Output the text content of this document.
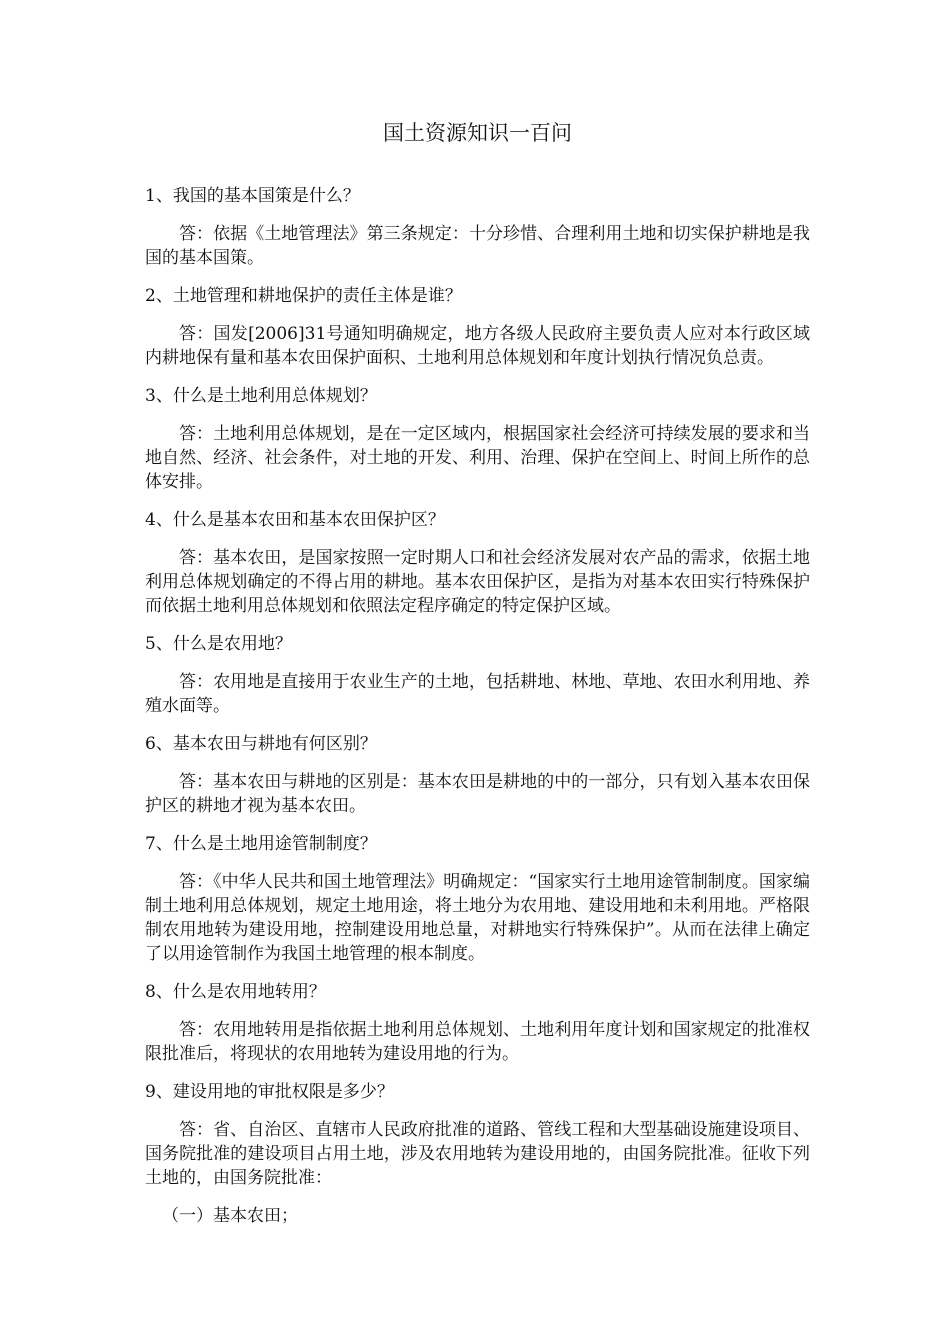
国土资源知识一百问

1、我国的基本国策是什么？

答：依据《土地管理法》第三条规定：十分珍惜、合理利用土地和切实保护耕地是我国的基本国策。

2、土地管理和耕地保护的责任主体是谁？

答：国发[2006]31号通知明确规定，地方各级人民政府主要负责人应对本行政区域内耕地保有量和基本农田保护面积、土地利用总体规划和年度计划执行情况负总责。

3、什么是土地利用总体规划？

答：土地利用总体规划，是在一定区域内，根据国家社会经济可持续发展的要求和当地自然、经济、社会条件，对土地的开发、利用、治理、保护在空间上、时间上所作的总体安排。

4、什么是基本农田和基本农田保护区？

答：基本农田，是国家按照一定时期人口和社会经济发展对农产品的需求，依据土地利用总体规划确定的不得占用的耕地。基本农田保护区，是指为对基本农田实行特殊保护而依据土地利用总体规划和依照法定程序确定的特定保护区域。

5、什么是农用地？

答：农用地是直接用于农业生产的土地，包括耕地、林地、草地、农田水利用地、养殖水面等。

6、基本农田与耕地有何区别？

答：基本农田与耕地的区别是：基本农田是耕地的中的一部分，只有划入基本农田保护区的耕地才视为基本农田。

7、什么是土地用途管制制度？

答：《中华人民共和国土地管理法》明确规定：“国家实行土地用途管制制度。国家编制土地利用总体规划，规定土地用途，将土地分为农用地、建设用地和未利用地。严格限制农用地转为建设用地，控制建设用地总量，对耕地实行特殊保护”。从而在法律上确定了以用途管制作为我国土地管理的根本制度。

8、什么是农用地转用？

答：农用地转用是指依据土地利用总体规划、土地利用年度计划和国家规定的批准权限批准后，将现状的农用地转为建设用地的行为。

9、建设用地的审批权限是多少？

答：省、自治区、直辖市人民政府批准的道路、管线工程和大型基础设施建设项目、国务院批准的建设项目占用土地，涉及农用地转为建设用地的，由国务院批准。征收下列土地的，由国务院批准：

（一）基本农田；
